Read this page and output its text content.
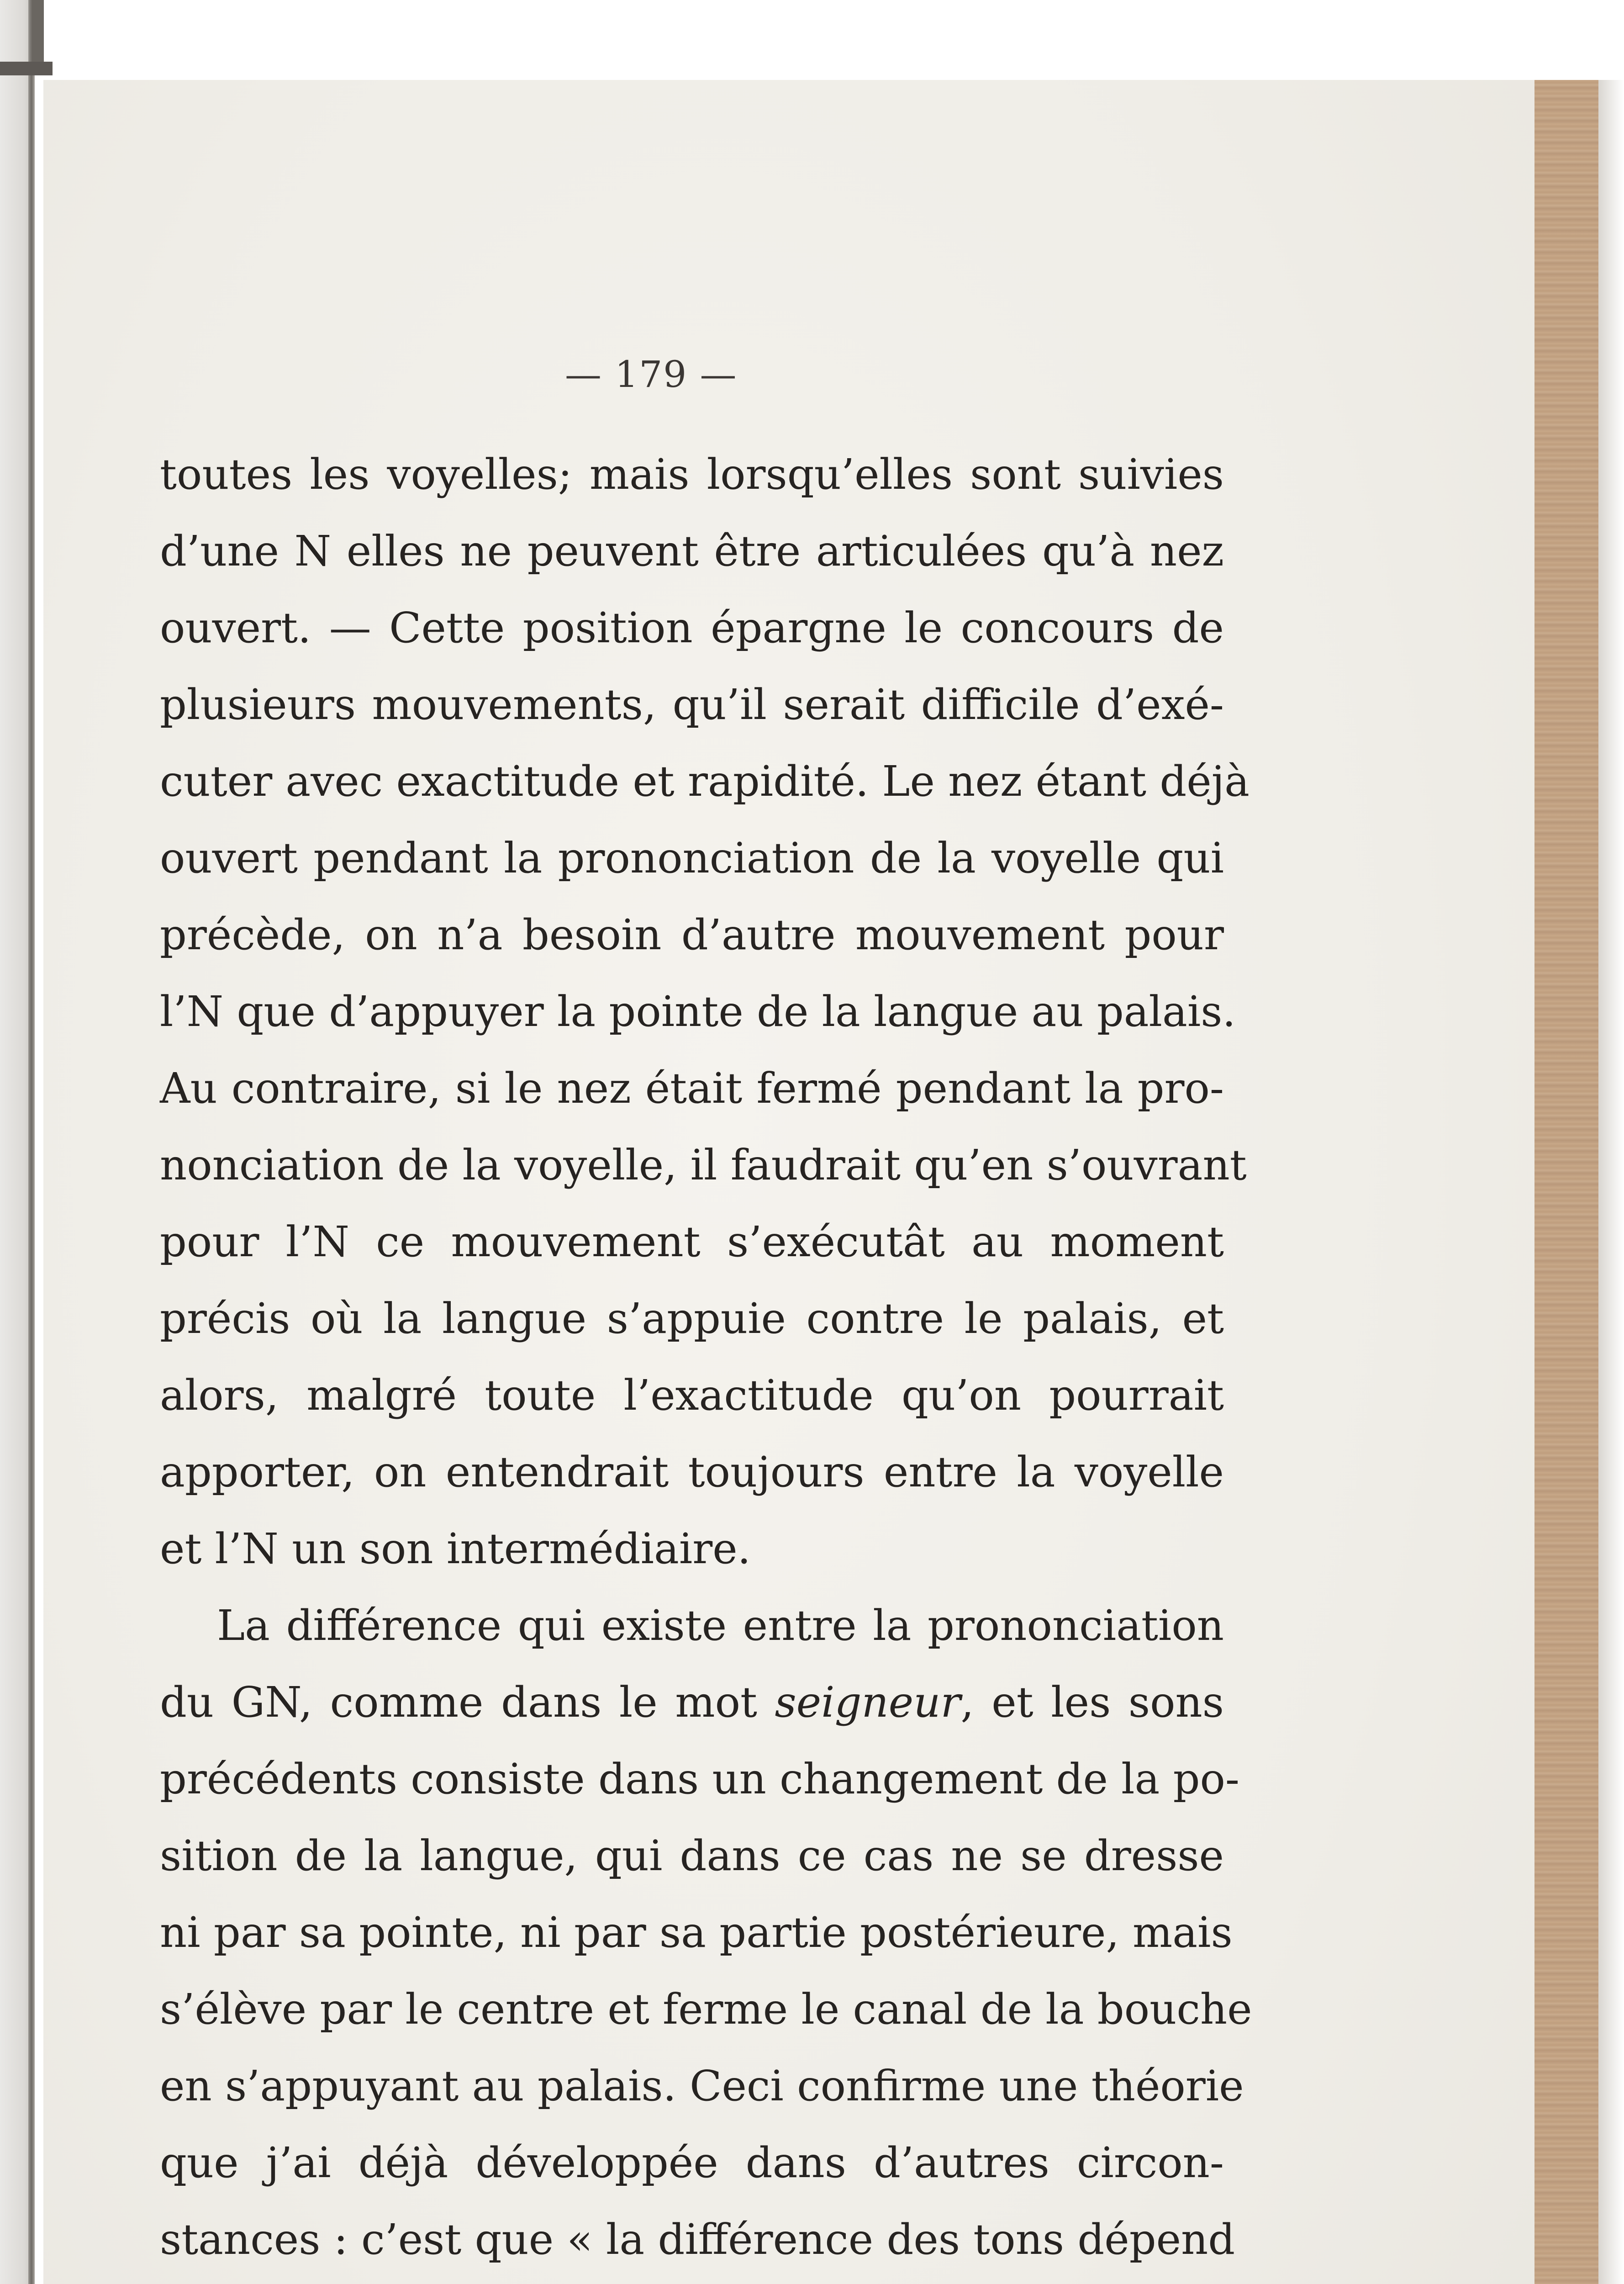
— 179 —
toutes les voyelles; mais lorsqu’elles sont suivies
d’une N elles ne peuvent être articulées qu’à nez
ouvert. — Cette position épargne le concours de
plusieurs mouvements, qu’il serait difficile d’exé-
cuter avec exactitude et rapidité. Le nez étant déjà
ouvert pendant la prononciation de la voyelle qui
précède, on n’a besoin d’autre mouvement pour
l’N que d’appuyer la pointe de la langue au palais.
Au contraire, si le nez était fermé pendant la pro-
nonciation de la voyelle, il faudrait qu’en s’ouvrant
pour l’N ce mouvement s’exécutât au moment
précis où la langue s’appuie contre le palais, et
alors, malgré toute l’exactitude qu’on pourrait
apporter, on entendrait toujours entre la voyelle
et l’N un son intermédiaire.
La différence qui existe entre la prononciation
du GN, comme dans le mot seigneur, et les sons
précédents consiste dans un changement de la po-
sition de la langue, qui dans ce cas ne se dresse
ni par sa pointe, ni par sa partie postérieure, mais
s’élève par le centre et ferme le canal de la bouche
en s’appuyant au palais. Ceci confirme une théorie
que j’ai déjà développée dans d’autres circon-
stances : c’est que « la différence des tons dépend
